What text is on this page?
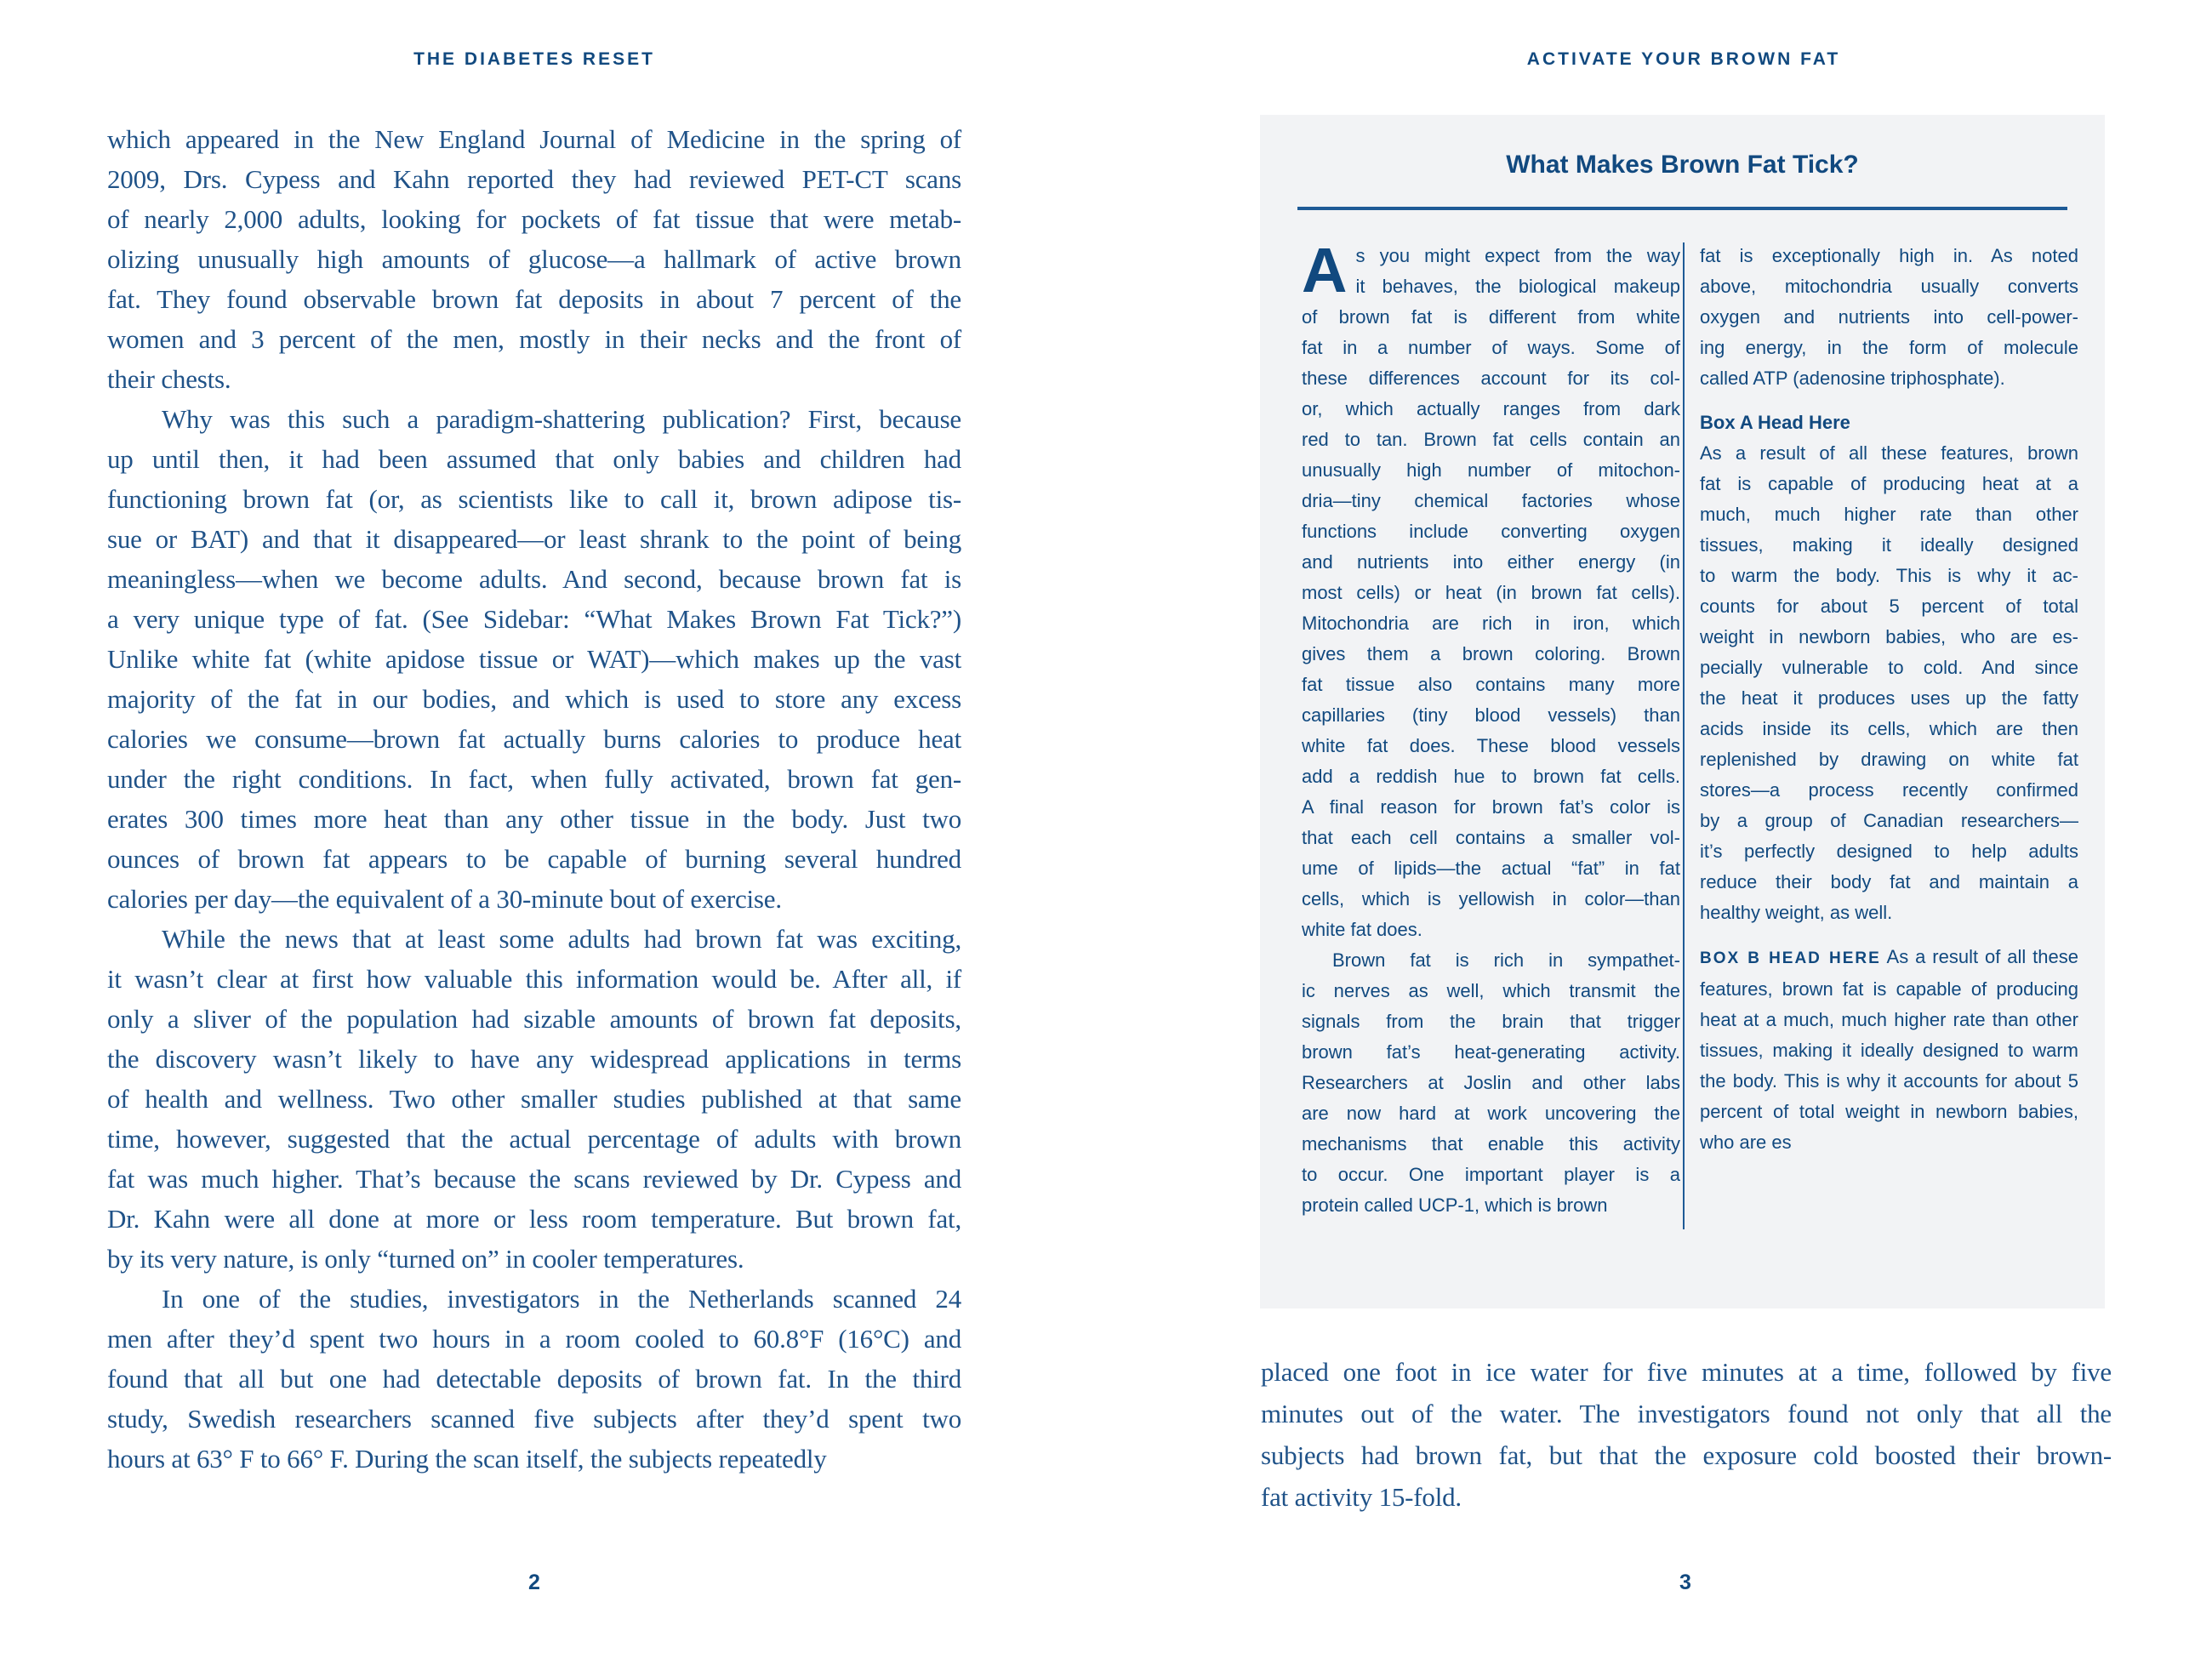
THE DIABETES RESET
which appeared in the New England Journal of Medicine in the spring of
2009, Drs. Cypess and Kahn reported they had reviewed PET-CT scans
of nearly 2,000 adults, looking for pockets of fat tissue that were metab-
olizing unusually high amounts of glucose—a hallmark of active brown
fat. They found observable brown fat deposits in about 7 percent of the
women and 3 percent of the men, mostly in their necks and the front of
their chests.
Why was this such a paradigm-shattering publication? First, because
up until then, it had been assumed that only babies and children had
functioning brown fat (or, as scientists like to call it, brown adipose tis-
sue or BAT) and that it disappeared—or least shrank to the point of being
meaningless—when we become adults. And second, because brown fat is
a very unique type of fat. (See Sidebar: “What Makes Brown Fat Tick?”)
Unlike white fat (white apidose tissue or WAT)—which makes up the vast
majority of the fat in our bodies, and which is used to store any excess
calories we consume—brown fat actually burns calories to produce heat
under the right conditions. In fact, when fully activated, brown fat gen-
erates 300 times more heat than any other tissue in the body. Just two
ounces of brown fat appears to be capable of burning several hundred
calories per day—the equivalent of a 30-minute bout of exercise.
While the news that at least some adults had brown fat was exciting,
it wasn’t clear at first how valuable this information would be. After all, if
only a sliver of the population had sizable amounts of brown fat deposits,
the discovery wasn’t likely to have any widespread applications in terms
of health and wellness. Two other smaller studies published at that same
time, however, suggested that the actual percentage of adults with brown
fat was much higher. That’s because the scans reviewed by Dr. Cypess and
Dr. Kahn were all done at more or less room temperature. But brown fat,
by its very nature, is only “turned on” in cooler temperatures.
In one of the studies, investigators in the Netherlands scanned 24
men after they’d spent two hours in a room cooled to 60.8°F (16°C) and
found that all but one had detectable deposits of brown fat. In the third
study, Swedish researchers scanned five subjects after they’d spent two
hours at 63° F to 66° F. During the scan itself, the subjects repeatedly
2
ACTIVATE YOUR BROWN FAT
What Makes Brown Fat Tick?
A s you might expect from the way
it behaves, the biological makeup
of brown fat is different from white
fat in a number of ways. Some of
these differences account for its col-
or, which actually ranges from dark
red to tan. Brown fat cells contain an
unusually high number of mitochon-
dria—tiny chemical factories whose
functions include converting oxygen
and nutrients into either energy (in
most cells) or heat (in brown fat cells).
Mitochondria are rich in iron, which
gives them a brown coloring. Brown
fat tissue also contains many more
capillaries (tiny blood vessels) than
white fat does. These blood vessels
add a reddish hue to brown fat cells.
A final reason for brown fat’s color is
that each cell contains a smaller vol-
ume of lipids—the actual “fat” in fat
cells, which is yellowish in color—than
white fat does.
Brown fat is rich in sympathet-
ic nerves as well, which transmit the
signals from the brain that trigger
brown fat’s heat-generating activity.
Researchers at Joslin and other labs
are now hard at work uncovering the
mechanisms that enable this activity
to occur. One important player is a
protein called UCP-1, which is brown
fat is exceptionally high in. As noted
above, mitochondria usually converts
oxygen and nutrients into cell-power-
ing energy, in the form of molecule
called ATP (adenosine triphosphate).
Box A Head Here
As a result of all these features, brown
fat is capable of producing heat at a
much, much higher rate than other
tissues, making it ideally designed
to warm the body. This is why it ac-
counts for about 5 percent of total
weight in newborn babies, who are es-
pecially vulnerable to cold. And since
the heat it produces uses up the fatty
acids inside its cells, which are then
replenished by drawing on white fat
stores—a process recently confirmed
by a group of Canadian researchers—
it’s perfectly designed to help adults
reduce their body fat and maintain a
healthy weight, as well.
BOX B HEAD HERE As a result of all these features, brown fat is capable of producing heat at a much, much higher rate than other tissues, making it ideally designed to warm the body. This is why it accounts for about 5 percent of total weight in newborn babies, who are es
placed one foot in ice water for five minutes at a time, followed by five
minutes out of the water. The investigators found not only that all the
subjects had brown fat, but that the exposure cold boosted their brown-
fat activity 15-fold.
3
